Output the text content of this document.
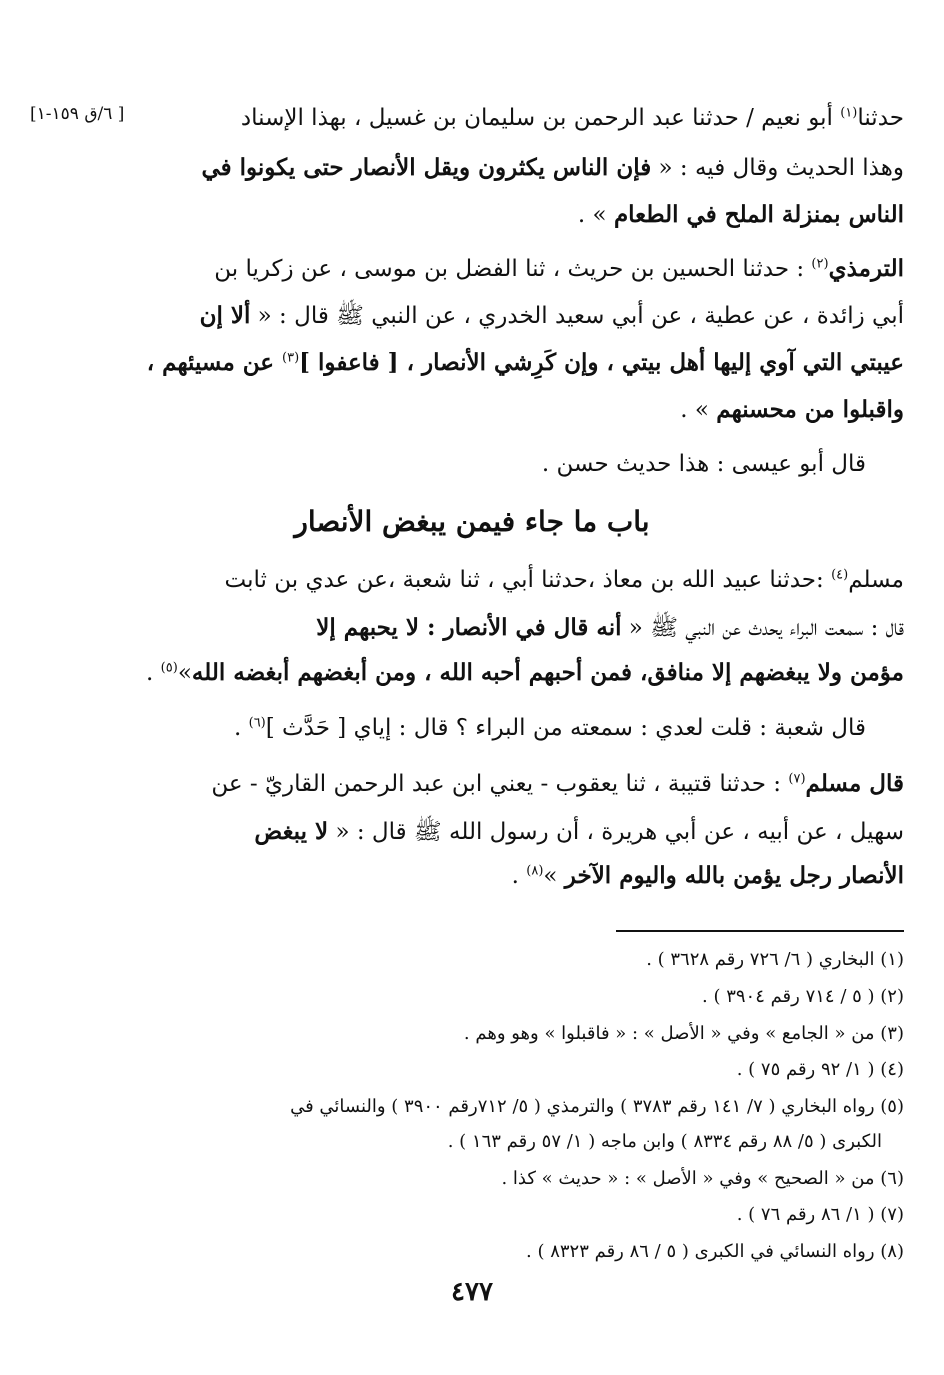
[ ٦/ق ١٥٩-١]	حدثنا$^{(١)}$ أبو نعيم / حدثنا عبد الرحمن بن سليمان بن غسيل ، بهذا الإسناد
وهذا الحديث وقال فيه : « فإن الناس يكثرون ويقل الأنصار حتى يكونوا في
الناس بمنزلة الملح في الطعام » .
الترمذي$^{(٢)}$ : حدثنا الحسين بن حريث ، ثنا الفضل بن موسى ، عن زكريا بن
أبي زائدة ، عن عطية ، عن أبي سعيد الخدري ، عن النبي ﷺ قال : « ألا إن
عيبتي التي آوي إليها أهل بيتي ، وإن كَرِشي الأنصار ، [ فاعفوا ]$^{(٣)}$ عن مسيئهم ،
واقبلوا من محسنهم » .
قال أبو عيسى : هذا حديث حسن .
باب ما جاء فيمن يبغض الأنصار
مسلم$^{(٤)}$ :حدثنا عبيد الله بن معاذ ،حدثنا أبي ، ثنا شعبة ،عن عدي بن ثابت
قال : سمعت البراء يحدث عن النبي ﷺ « أنه قال في الأنصار : لا يحبهم إلا
مؤمن ولا يبغضهم إلا منافق، فمن أحبهم أحبه الله ، ومن أبغضهم أبغضه الله»$^{(٥)}$ .
قال شعبة : قلت لعدي : سمعته من البراء ؟ قال : إياي [ حَدَّث ]$^{(٦)}$ .
قال مسلم$^{(٧)}$ : حدثنا قتيبة ، ثنا يعقوب - يعني ابن عبد الرحمن القاريّ - عن
سهيل ، عن أبيه ، عن أبي هريرة ، أن رسول الله ﷺ قال : « لا يبغض
الأنصار رجل يؤمن بالله واليوم الآخر »$^{(٨)}$ .
(١) البخاري ( ٦/ ٧٢٦ رقم ٣٦٢٨ ) .
(٢) ( ٥ / ٧١٤ رقم ٣٩٠٤ ) .
(٣) من « الجامع » وفي « الأصل » : « فاقبلوا » وهو وهم .
(٤) ( ١/ ٩٢ رقم ٧٥ ) .
(٥) رواه البخاري ( ٧/ ١٤١ رقم ٣٧٨٣ ) والترمذي ( ٥/ ٧١٢رقم ٣٩٠٠ ) والنسائي في
الكبرى ( ٥/ ٨٨ رقم ٨٣٣٤ ) وابن ماجه ( ١/ ٥٧ رقم ١٦٣ ) .
(٦) من « الصحيح » وفي « الأصل » : « حديث » كذا .
(٧) ( ١/ ٨٦ رقم ٧٦ ) .
(٨) رواه النسائي في الكبرى ( ٥ / ٨٦ رقم ٨٣٢٣ ) .
٤٧٧
